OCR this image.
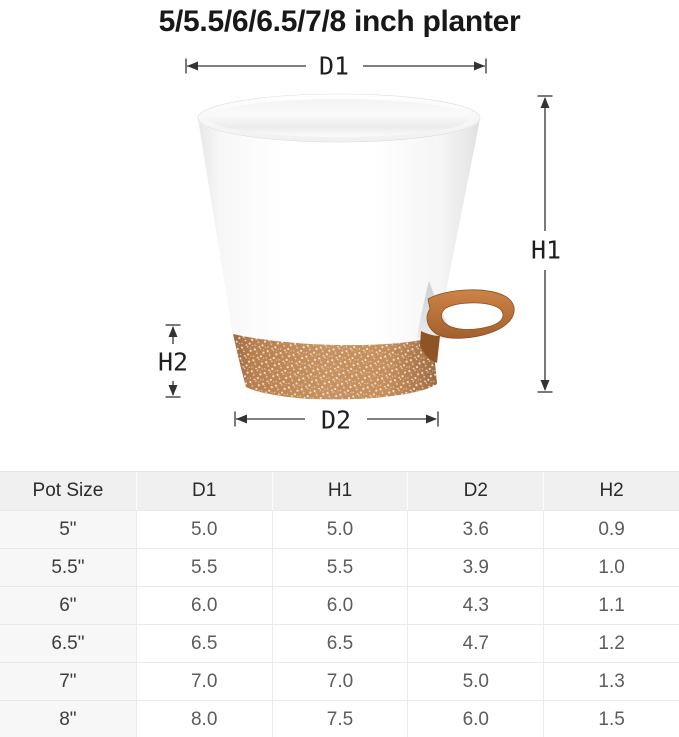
5/5.5/6/6.5/7/8 inch planter
D1
H1
H2
D2
Pot Size	D1	H1	D2	H2
5"	5.0	5.0	3.6	0.9
5.5"	5.5	5.5	3.9	1.0
6"	6.0	6.0	4.3	1.1
6.5"	6.5	6.5	4.7	1.2
7"	7.0	7.0	5.0	1.3
8"	8.0	7.5	6.0	1.5
